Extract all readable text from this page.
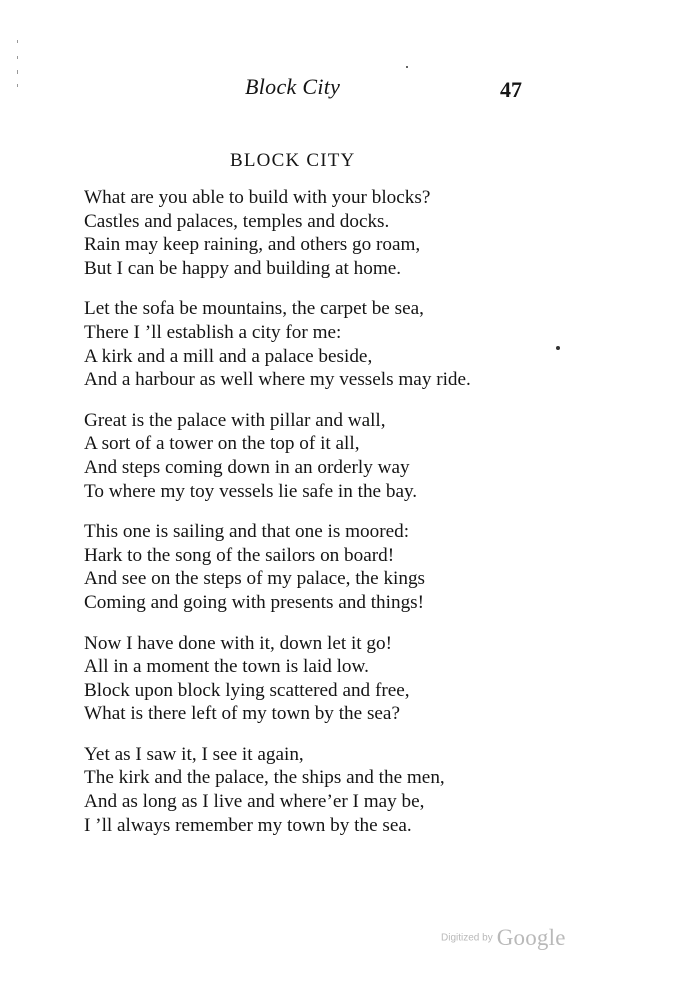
Block City	47
BLOCK CITY
What are you able to build with your blocks?
Castles and palaces, temples and docks.
Rain may keep raining, and others go roam,
But I can be happy and building at home.
Let the sofa be mountains, the carpet be sea,
There I ’ll establish a city for me:
A kirk and a mill and a palace beside,
And a harbour as well where my vessels may ride.
Great is the palace with pillar and wall,
A sort of a tower on the top of it all,
And steps coming down in an orderly way
To where my toy vessels lie safe in the bay.
This one is sailing and that one is moored:
Hark to the song of the sailors on board!
And see on the steps of my palace, the kings
Coming and going with presents and things!
Now I have done with it, down let it go!
All in a moment the town is laid low.
Block upon block lying scattered and free,
What is there left of my town by the sea?
Yet as I saw it, I see it again,
The kirk and the palace, the ships and the men,
And as long as I live and where’er I may be,
I ’ll always remember my town by the sea.
Digitized by Google
